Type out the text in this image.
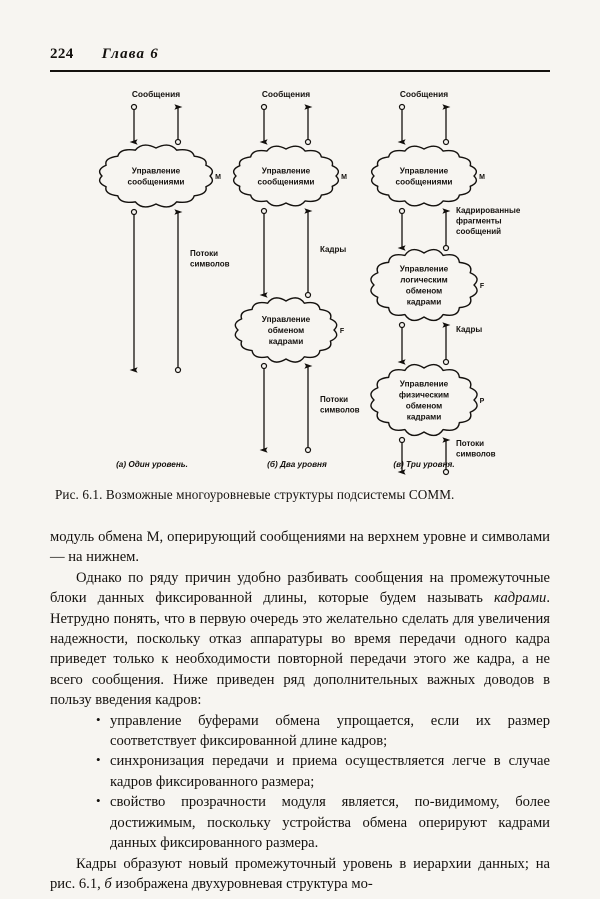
224 Глава 6
Сообщения	Сообщения	Сообщения
Управление
сообщениями	M
Потоки
символов
Управление
сообщениями	M
Кадры
Управление
обменом
кадрами
F
Потоки
символов
Управление
сообщениями	M
Кадрированные
фрагменты
сообщений
Управление
логическим
обменом
кадрами
F
Кадры
Управление
физическим
обменом
кадрами
P
Потоки
символов
(а) Один уровень.	(б) Два уровня	(в) Три уровня.
Рис. 6.1. Возможные многоуровневые структуры подсистемы COMM.

модуль обмена M, оперирующий сообщениями на верхнем уровне и символами — на нижнем.

Однако по ряду причин удобно разбивать сообщения на промежуточные блоки данных фиксированной длины, которые будем называть кадрами. Нетрудно понять, что в первую очередь это желательно сделать для увеличения надежности, поскольку отказ аппаратуры во время передачи одного кадра приведет только к необходимости повторной передачи этого же кадра, а не всего сообщения. Ниже приведен ряд дополнительных важных доводов в пользу введения кадров:

• управление буферами обмена упрощается, если их размер соответствует фиксированной длине кадров;
• синхронизация передачи и приема осуществляется легче в случае кадров фиксированного размера;
• свойство прозрачности модуля является, по-видимому, более достижимым, поскольку устройства обмена оперируют кадрами данных фиксированного размера.

Кадры образуют новый промежуточный уровень в иерархии данных; на рис. 6.1, б изображена двухуровневая структура мо-
